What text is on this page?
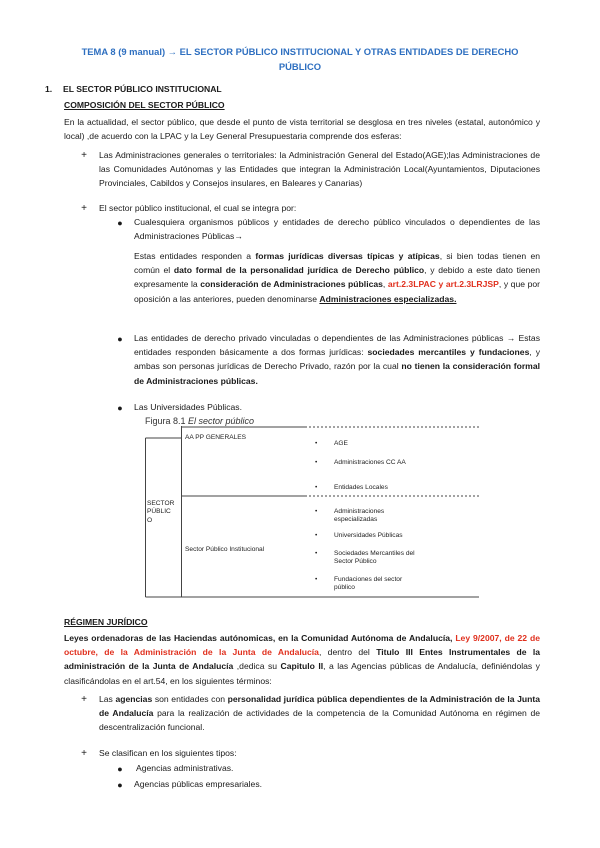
TEMA 8 (9 manual) → EL SECTOR PÚBLICO INSTITUCIONAL Y OTRAS ENTIDADES DE DERECHO PÚBLICO
1. EL SECTOR PÚBLICO INSTITUCIONAL
COMPOSICIÓN DEL SECTOR PÚBLICO
En la actualidad, el sector público, que desde el punto de vista territorial se desglosa en tres niveles (estatal, autonómico y local) ,de acuerdo con la LPAC y la Ley General Presupuestaria comprende dos esferas:
+	Las Administraciones generales o territoriales: la Administración General del Estado(AGE);las Administraciones de las Comunidades Autónomas y las Entidades que integran la Administración Local(Ayuntamientos, Diputaciones Provinciales, Cabildos y Consejos insulares, en Baleares y Canarias)
+	El sector público institucional, el cual se integra por:
● Cualesquiera organismos públicos y entidades de derecho público vinculados o dependientes de las Administraciones Públicas→
Estas entidades responden a formas jurídicas diversas típicas y atípicas, si bien todas tienen en común el dato formal de la personalidad jurídica de Derecho público, y debido a este dato tienen expresamente la consideración de Administraciones públicas, art.2.3LPAC y art.2.3LRJSP, y que por oposición a las anteriores, pueden denominarse Administraciones especializadas.
● Las entidades de derecho privado vinculadas o dependientes de las Administraciones públicas → Estas entidades responden básicamente a dos formas jurídicas: sociedades mercantiles y fundaciones, y ambas son personas jurídicas de Derecho Privado, razón por la cual no tienen la consideración formal de Administraciones públicas.
● Las Universidades Públicas.
Figura 8.1 El sector público
SECTOR
PÚBLIC
O
AA PP GENERALES
Sector Público Institucional
•	AGE
•	Administraciones CC AA
•	Entidades Locales
•	Administraciones especializadas
•	Universidades Públicas
•	Sociedades Mercantiles del Sector Público
•	Fundaciones del sector público
RÉGIMEN JURÍDICO
Leyes ordenadoras de las Haciendas autónomicas, en la Comunidad Autónoma de Andalucía, Ley 9/2007, de 22 de octubre, de la Administración de la Junta de Andalucía, dentro del Titulo III Entes Instrumentales de la administración de la Junta de Andalucía ,dedica su Capitulo II, a las Agencias públicas de Andalucía, definiéndolas y clasificándolas en el art.54, en los siguientes términos:
+	Las agencias son entidades con personalidad jurídica pública dependientes de la Administración de la Junta de Andalucía para la realización de actividades de la competencia de la Comunidad Autónoma en régimen de descentralización funcional.
+	Se clasifican en los siguientes tipos:
● Agencias administrativas.
● Agencias públicas empresariales.
